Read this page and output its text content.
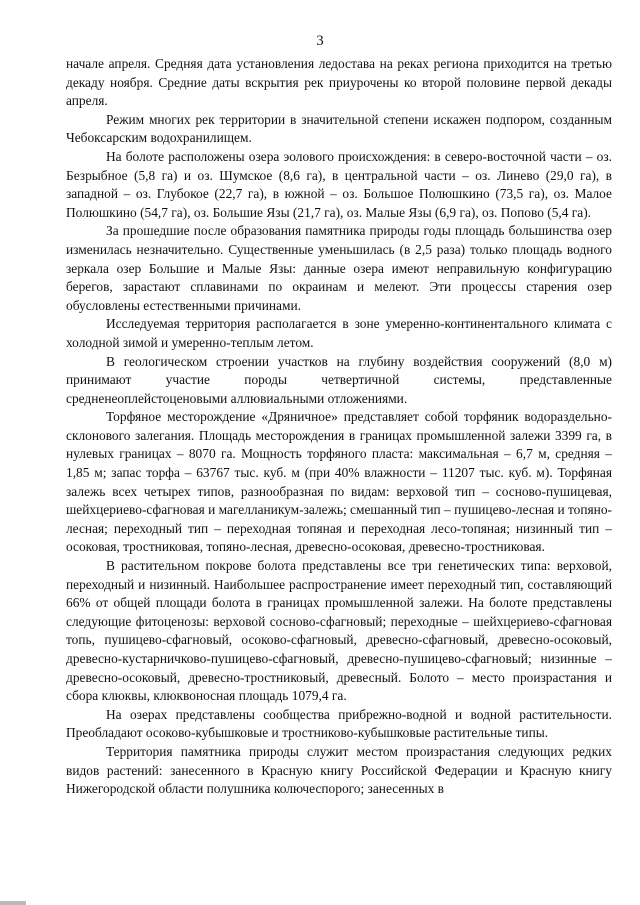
3

начале апреля. Средняя дата установления ледостава на реках региона приходится на третью декаду ноября. Средние даты вскрытия рек приурочены ко второй половине первой декады апреля.

Режим многих рек территории в значительной степени искажен подпором, созданным Чебоксарским водохранилищем.

На болоте расположены озера эолового происхождения: в северо-восточной части – оз. Безрыбное (5,8 га) и оз. Шумское (8,6 га), в центральной части – оз. Линево (29,0 га), в западной – оз. Глубокое (22,7 га), в южной – оз. Большое Полюшкино (73,5 га), оз. Малое Полюшкино (54,7 га), оз. Большие Язы (21,7 га), оз. Малые Язы (6,9 га), оз. Попово (5,4 га).

За прошедшие после образования памятника природы годы площадь большинства озер изменилась незначительно. Существенные уменьшилась (в 2,5 раза) только площадь водного зеркала озер Большие и Малые Язы: данные озера имеют неправильную конфигурацию берегов, зарастают сплавинами по окраинам и мелеют. Эти процессы старения озер обусловлены естественными причинами.

Исследуемая территория располагается в зоне умеренно-континентального климата с холодной зимой и умеренно-теплым летом.

В геологическом строении участков на глубину воздействия сооружений (8,0 м) принимают участие породы четвертичной системы, представленные средненеоплейстоценовыми аллювиальными отложениями.

Торфяное месторождение «Дряничное» представляет собой торфяник водораздельно-склонового залегания. Площадь месторождения в границах промышленной залежи 3399 га, в нулевых границах – 8070 га. Мощность торфяного пласта: максимальная – 6,7 м, средняя – 1,85 м; запас торфа – 63767 тыс. куб. м (при 40% влажности – 11207 тыс. куб. м). Торфяная залежь всех четырех типов, разнообразная по видам: верховой тип – сосново-пушицевая, шейхцериево-сфагновая и магелланикум-залежь; смешанный тип – пушицево-лесная и топяно-лесная; переходный тип – переходная топяная и переходная лесо-топяная; низинный тип – осоковая, тростниковая, топяно-лесная, древесно-осоковая, древесно-тростниковая.

В растительном покрове болота представлены все три генетических типа: верховой, переходный и низинный. Наибольшее распространение имеет переходный тип, составляющий 66% от общей площади болота в границах промышленной залежи. На болоте представлены следующие фитоценозы: верховой сосново-сфагновый; переходные – шейхцериево-сфагновая топь, пушицево-сфагновый, осоково-сфагновый, древесно-сфагновый, древесно-осоковый, древесно-кустарничково-пушицево-сфагновый, древесно-пушицево-сфагновый; низинные – древесно-осоковый, древесно-тростниковый, древесный. Болото – место произрастания и сбора клюквы, клюквоносная площадь 1079,4 га.

На озерах представлены сообщества прибрежно-водной и водной растительности. Преобладают осоково-кубышковые и тростниково-кубышковые растительные типы.

Территория памятника природы служит местом произрастания следующих редких видов растений: занесенного в Красную книгу Российской Федерации и Красную книгу Нижегородской области полушника колючеспорого; занесенных в
